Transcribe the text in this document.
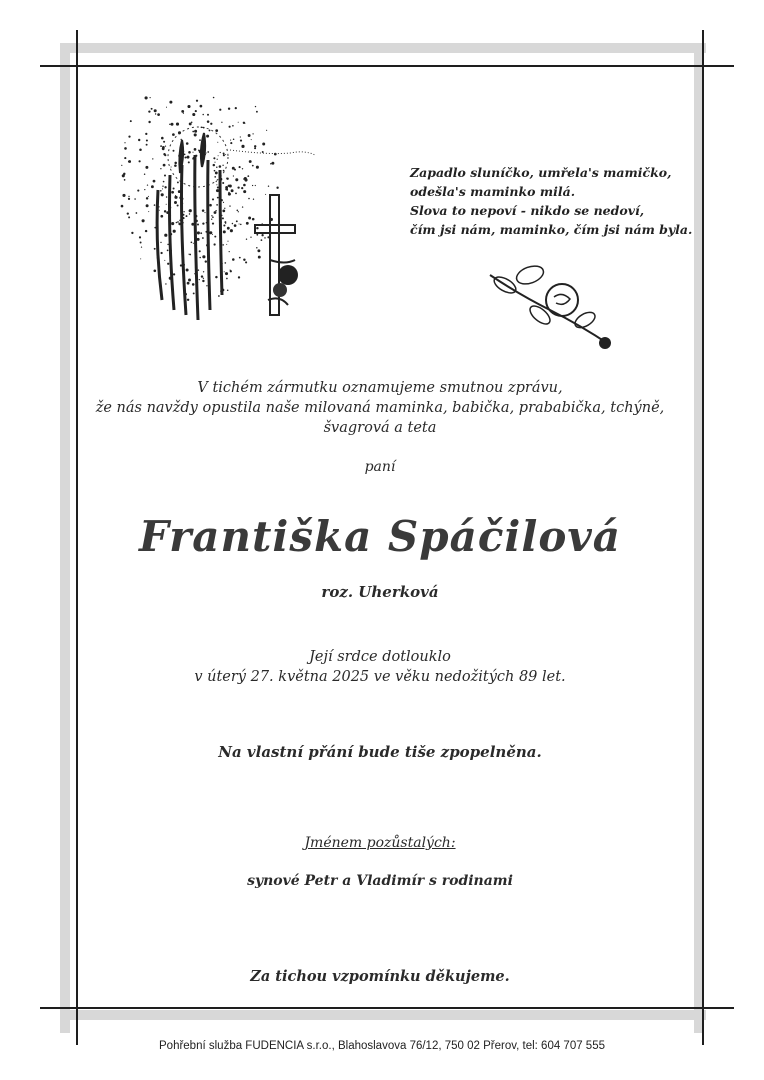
Zapadlo sluníčko, umřela's mamičko,
odešla's maminko milá.
Slova to nepoví - nikdo se nedoví,
čím jsi nám, maminko, čím jsi nám byla.
V tichém zármutku oznamujeme smutnou zprávu,
že nás navždy opustila naše milovaná maminka, babička, prababička, tchýně,
švagrová a teta
paní
Františka Spáčilová
roz. Uherková
Její srdce dotlouklo
v úterý 27. května 2025 ve věku nedožitých 89 let.
Na vlastní přání bude tiše zpopelněna.
Jménem pozůstalých:
synové Petr a Vladimír s rodinami
Za tichou vzpomínku děkujeme.
Pohřební služba FUDENCIA s.r.o., Blahoslavova 76/12, 750 02 Přerov, tel: 604 707 555
